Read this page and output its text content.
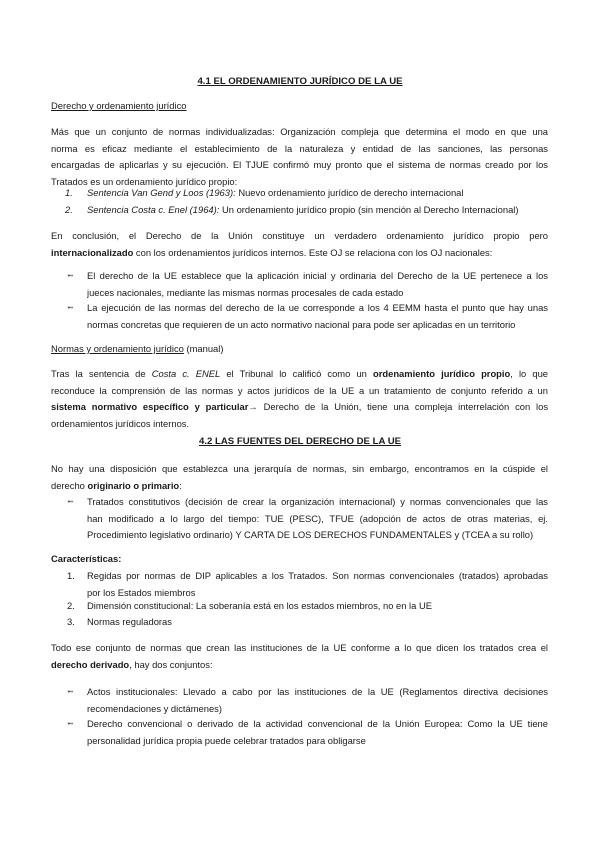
4.1 EL ORDENAMIENTO JURÍDICO DE LA UE
Derecho y ordenamiento jurídico
Más que un conjunto de normas individualizadas: Organización compleja que determina el modo en que una
norma es eficaz mediante el establecimiento de la naturaleza y entidad de las sanciones, las personas
encargadas de aplicarlas y su ejecución. El TJUE confirmó muy pronto que el sistema de normas creado por los
Tratados es un ordenamiento jurídico propio:
1.	Sentencia Van Gend y Loos (1963): Nuevo ordenamiento jurídico de derecho internacional
2.	Sentencia Costa c. Enel (1964): Un ordenamiento jurídico propio (sin mención al Derecho Internacional)
En conclusión, el Derecho de la Unión constituye un verdadero ordenamiento jurídico propio pero
internacionalizado con los ordenamientos jurídicos internos. Este OJ se relaciona con los OJ nacionales:
➻ El derecho de la UE establece que la aplicación inicial y ordinaria del Derecho de la UE pertenece a los
jueces nacionales, mediante las mismas normas procesales de cada estado
➻ La ejecución de las normas del derecho de la ue corresponde a los 4 EEMM hasta el punto que hay unas
normas concretas que requieren de un acto normativo nacional para pode ser aplicadas en un territorio
Normas y ordenamiento jurídico (manual)
Tras la sentencia de Costa c. ENEL el Tribunal lo calificó como un ordenamiento jurídico propio, lo que
reconduce la comprensión de las normas y actos jurídicos de la UE a un tratamiento de conjunto referido a un
sistema normativo específico y particular→ Derecho de la Unión, tiene una compleja interrelación con los
ordenamientos jurídicos internos.
4.2 LAS FUENTES DEL DERECHO DE LA UE
No hay una disposición que establezca una jerarquía de normas, sin embargo, encontramos en la cúspide el
derecho originario o primario:
➻ Tratados constitutivos (decisión de crear la organización internacional) y normas convencionales que las
han modificado a lo largo del tiempo: TUE (PESC), TFUE (adopción de actos de otras materias, ej.
Procedimiento legislativo ordinario) Y CARTA DE LOS DERECHOS FUNDAMENTALES y (TCEA a su rollo)
Características:
1. Regidas por normas de DIP aplicables a los Tratados. Son normas convencionales (tratados) aprobadas
por los Estados miembros
2. Dimensión constitucional: La soberanía está en los estados miembros, no en la UE
3. Normas reguladoras
Todo ese conjunto de normas que crean las instituciones de la UE conforme a lo que dicen los tratados crea el
derecho derivado, hay dos conjuntos:
➻ Actos institucionales: Llevado a cabo por las instituciones de la UE (Reglamentos directiva decisiones
recomendaciones y dictámenes)
➻ Derecho convencional o derivado de la actividad convencional de la Unión Europea: Como la UE tiene
personalidad jurídica propia puede celebrar tratados para obligarse
